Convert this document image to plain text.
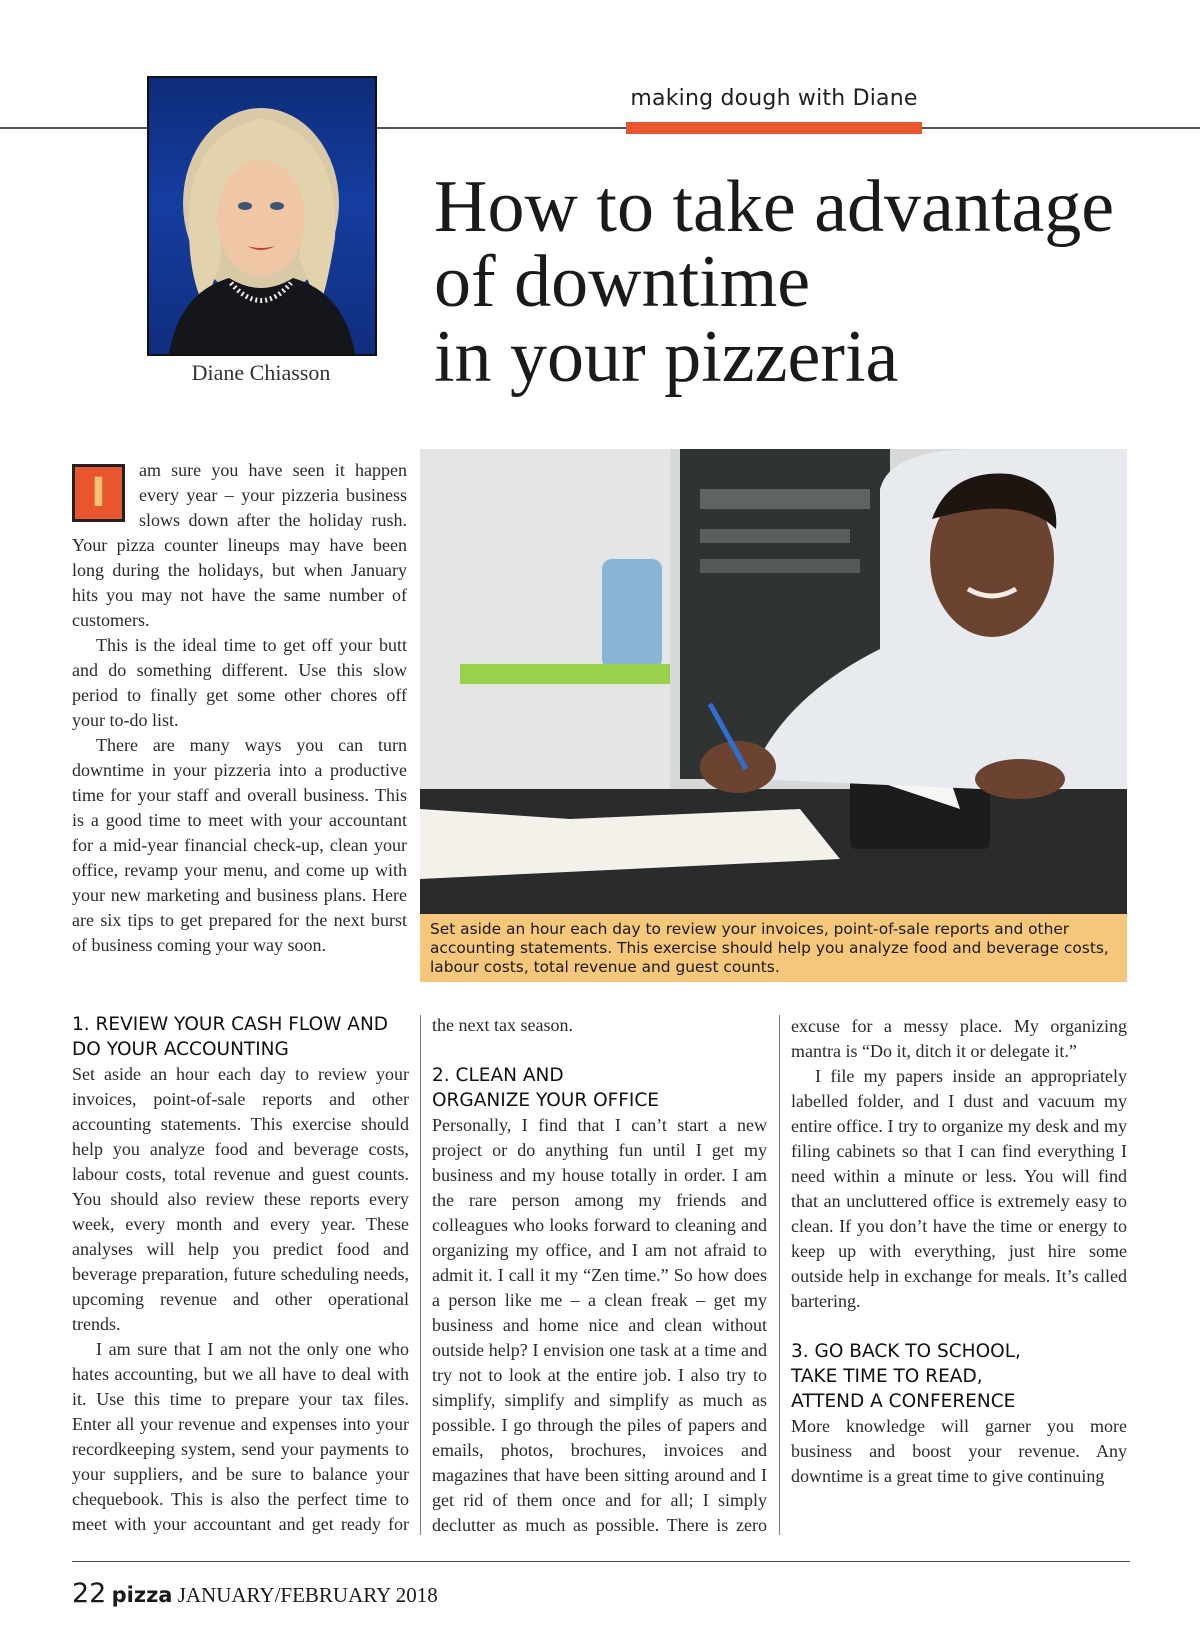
making dough with Diane
Diane Chiasson
How to take advantage
of downtime
in your pizzeria
I	am sure you have seen it happen every year – your pizzeria business slows down after the holiday rush. Your pizza counter lineups may have been long during the holidays, but when January hits you may not have the same number of customers.

This is the ideal time to get off your butt and do something different. Use this slow period to finally get some other chores off your to-do list.

There are many ways you can turn downtime in your pizzeria into a productive time for your staff and overall business. This is a good time to meet with your accountant for a mid-year financial check-up, clean your office, revamp your menu, and come up with your new marketing and business plans. Here are six tips to get prepared for the next burst of business coming your way soon.

Set aside an hour each day to review your invoices, point-of-sale reports and other accounting statements. This exercise should help you analyze food and beverage costs, labour costs, total revenue and guest counts.
1. REVIEW YOUR CASH FLOW AND
DO YOUR ACCOUNTING

Set aside an hour each day to review your invoices, point-of-sale reports and other accounting statements. This exercise should help you analyze food and beverage costs, labour costs, total revenue and guest counts. You should also review these reports every week, every month and every year. These analyses will help you predict food and beverage preparation, future scheduling needs, upcoming revenue and other operational trends.

I am sure that I am not the only one who hates accounting, but we all have to deal with it. Use this time to prepare your tax files. Enter all your revenue and expenses into your recordkeeping system, send your payments to your suppliers, and be sure to balance your chequebook. This is also the perfect time to meet with your accountant and get ready for

the next tax season.

2. CLEAN AND
ORGANIZE YOUR OFFICE

Personally, I find that I can’t start a new project or do anything fun until I get my business and my house totally in order. I am the rare person among my friends and colleagues who looks forward to cleaning and organizing my office, and I am not afraid to admit it. I call it my “Zen time.” So how does a person like me – a clean freak – get my business and home nice and clean without outside help? I envision one task at a time and try not to look at the entire job. I also try to simplify, simplify and simplify as much as possible. I go through the piles of papers and emails, photos, brochures, invoices and magazines that have been sitting around and I get rid of them once and for all; I simply declutter as much as possible. There is zero

excuse for a messy place. My organizing mantra is “Do it, ditch it or delegate it.”

I file my papers inside an appropriately labelled folder, and I dust and vacuum my entire office. I try to organize my desk and my filing cabinets so that I can find everything I need within a minute or less. You will find that an uncluttered office is extremely easy to clean. If you don’t have the time or energy to keep up with everything, just hire some outside help in exchange for meals. It’s called bartering.

3. GO BACK TO SCHOOL,
TAKE TIME TO READ,
ATTEND A CONFERENCE

More knowledge will garner you more business and boost your revenue. Any downtime is a great time to give continuing

22 pizza JANUARY/FEBRUARY 2018
